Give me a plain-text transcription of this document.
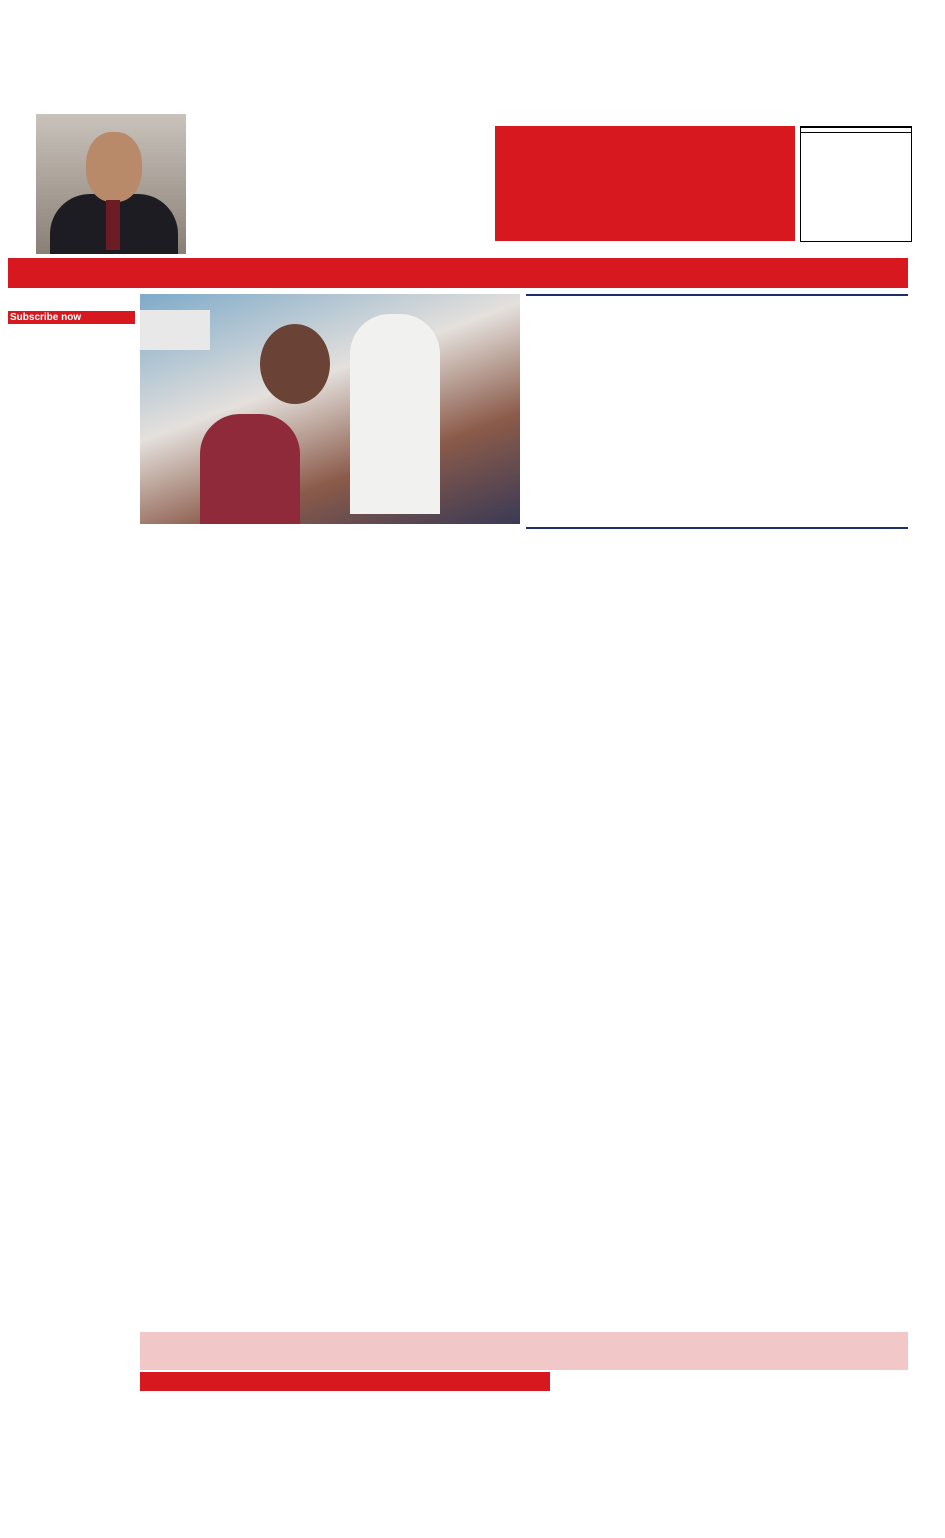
Subscribe now
